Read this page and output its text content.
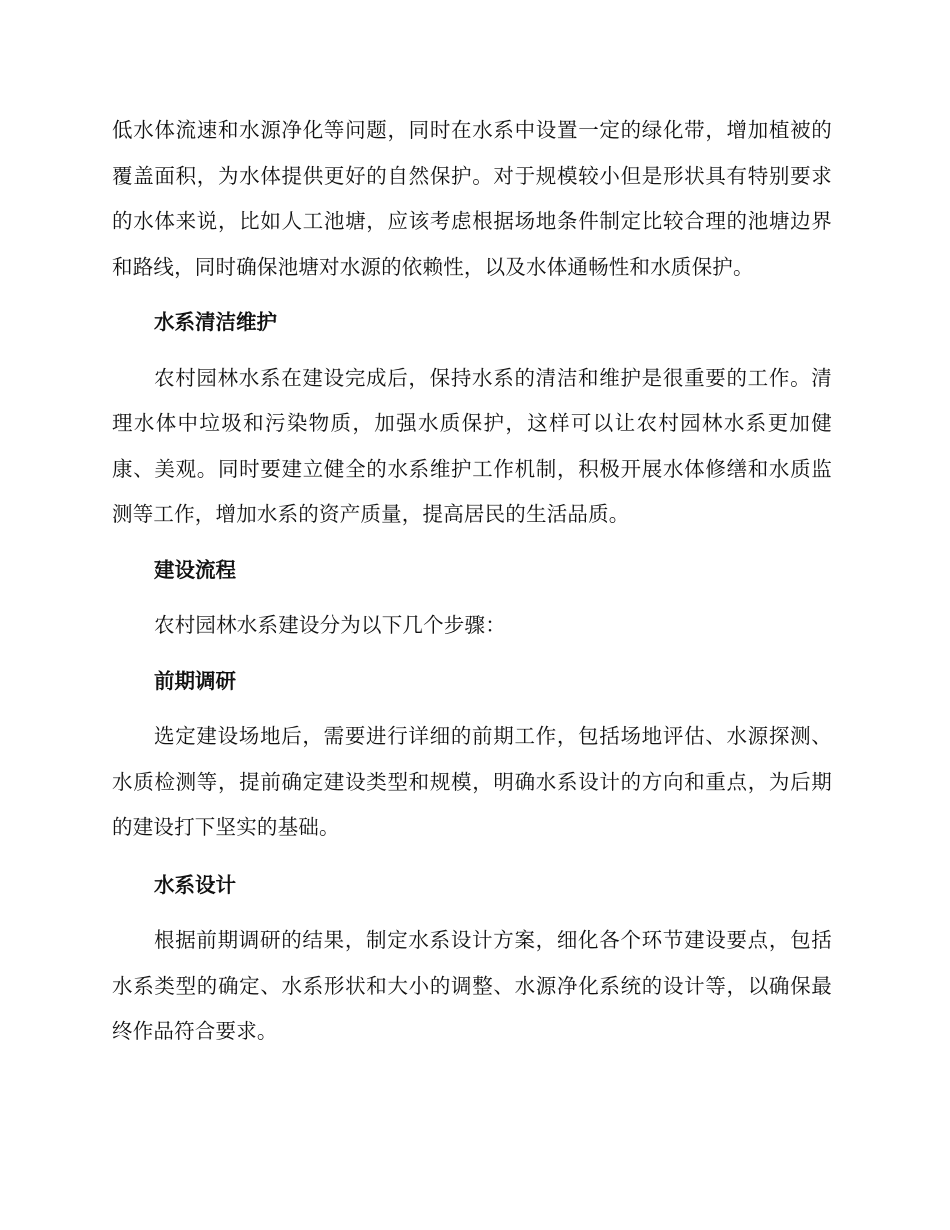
低水体流速和水源净化等问题，同时在水系中设置一定的绿化带，增加植被的覆盖面积，为水体提供更好的自然保护。对于规模较小但是形状具有特别要求的水体来说，比如人工池塘，应该考虑根据场地条件制定比较合理的池塘边界和路线，同时确保池塘对水源的依赖性，以及水体通畅性和水质保护。

水系清洁维护

农村园林水系在建设完成后，保持水系的清洁和维护是很重要的工作。清理水体中垃圾和污染物质，加强水质保护，这样可以让农村园林水系更加健康、美观。同时要建立健全的水系维护工作机制，积极开展水体修缮和水质监测等工作，增加水系的资产质量，提高居民的生活品质。

建设流程

农村园林水系建设分为以下几个步骤：

前期调研

选定建设场地后，需要进行详细的前期工作，包括场地评估、水源探测、水质检测等，提前确定建设类型和规模，明确水系设计的方向和重点，为后期的建设打下坚实的基础。

水系设计

根据前期调研的结果，制定水系设计方案，细化各个环节建设要点，包括水系类型的确定、水系形状和大小的调整、水源净化系统的设计等，以确保最终作品符合要求。
